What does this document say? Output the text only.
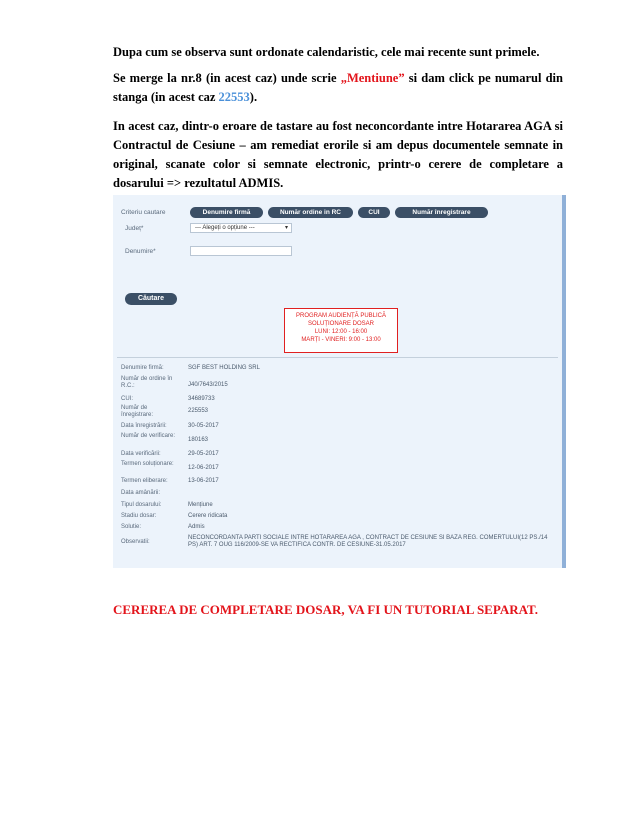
Dupa cum se observa sunt ordonate calendaristic, cele mai recente sunt primele.

Se merge la nr.8 (in acest caz) unde scrie „Mentiune” si dam click pe numarul din stanga (in acest caz 22553).

In acest caz, dintr-o eroare de tastare au fost neconcordante intre Hotararea AGA si Contractul de Cesiune – am remediat erorile si am depus documentele semnate in original, scanate color si semnate electronic, printr-o cerere de completare a dosarului => rezultatul ADMIS.

Criteriu cautare	Denumire firmă	Număr ordine in RC	CUI	Număr înregistrare
Județ*	--- Alegeți o opțiune ---	▾
Denumire*
Căutare
PROGRAM AUDIENȚĂ PUBLICĂ
SOLUȚIONARE DOSAR
LUNI: 12:00 - 16:00
MARȚI - VINERI: 9:00 - 13:00
Denumire firmă:	SGF BEST HOLDING SRL
Număr de ordine în R.C.:	J40/7643/2015
CUI:	34689733
Număr de înregistrare:
225553
Data înregistrării:	30-05-2017
Număr de verificare:
180163
Data verificării:	29-05-2017
Termen soluționare:
12-06-2017
Termen eliberare:	13-06-2017
Data amânării:
Tipul dosarului:	Mențiune
Stadiu dosar:	Cerere ridicata
Solutie:	Admis
Observatii:
NECONCORDANTA PARTI SOCIALE INTRE HOTARAREA AGA , CONTRACT DE CESIUNE SI BAZA REG. COMERTULUI(12 PS./14 PS) ART. 7 OUG 116/2009-SE VA RECTIFICA CONTR. DE CESIUNE-31.05.2017
CEREREA DE COMPLETARE DOSAR, VA FI UN TUTORIAL SEPARAT.
